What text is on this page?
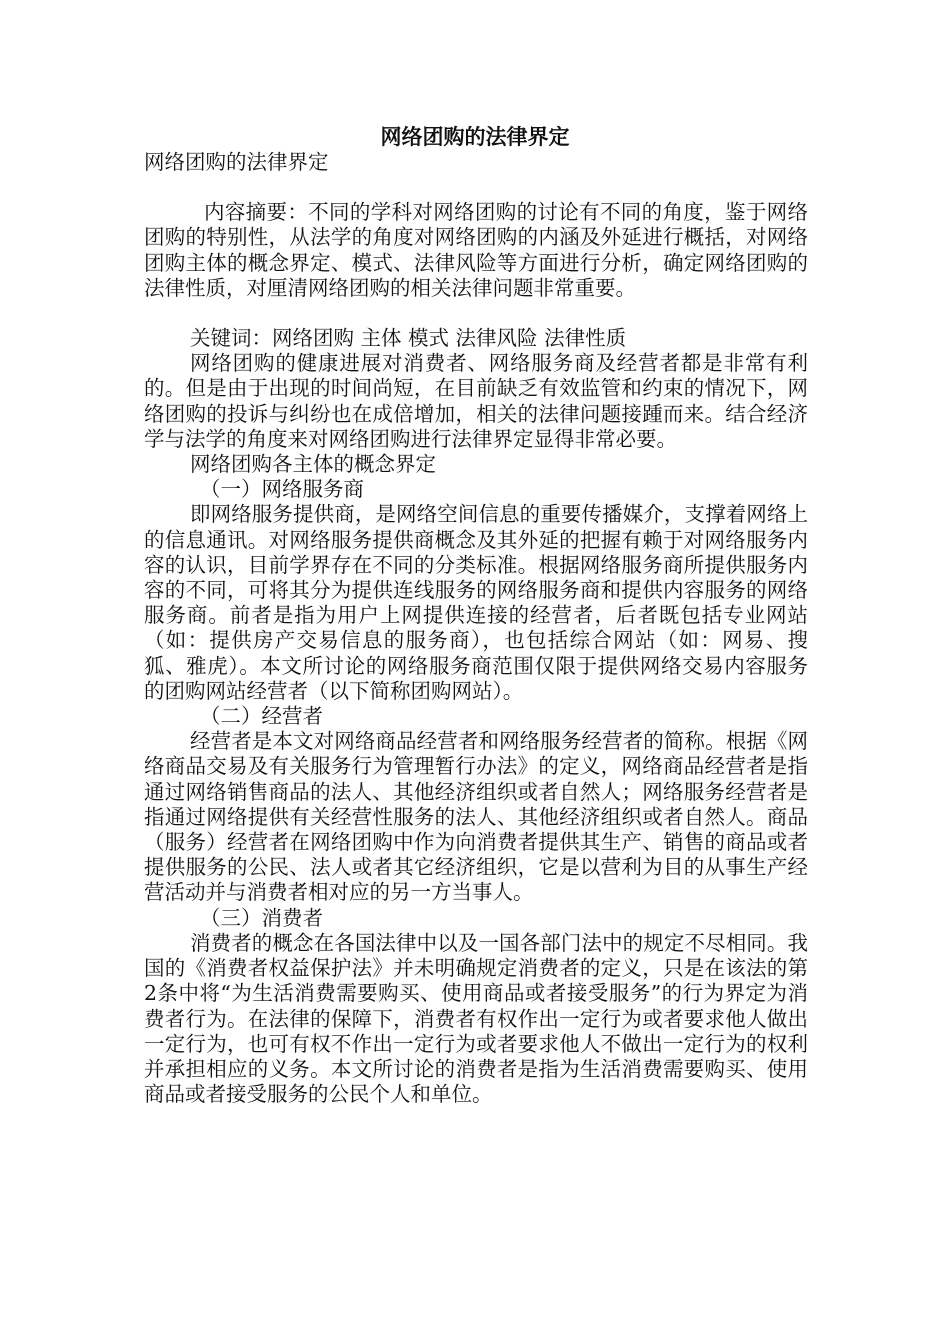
网络团购的法律界定

网络团购的法律界定

内容摘要：不同的学科对网络团购的讨论有不同的角度，鉴于网络团购的特别性，从法学的角度对网络团购的内涵及外延进行概括，对网络团购主体的概念界定、模式、法律风险等方面进行分析，确定网络团购的法律性质，对厘清网络团购的相关法律问题非常重要。

关键词：网络团购 主体 模式 法律风险 法律性质

网络团购的健康进展对消费者、网络服务商及经营者都是非常有利的。但是由于出现的时间尚短，在目前缺乏有效监管和约束的情况下，网络团购的投诉与纠纷也在成倍增加，相关的法律问题接踵而来。结合经济学与法学的角度来对网络团购进行法律界定显得非常必要。

网络团购各主体的概念界定

（一）网络服务商

即网络服务提供商，是网络空间信息的重要传播媒介，支撑着网络上的信息通讯。对网络服务提供商概念及其外延的把握有赖于对网络服务内容的认识，目前学界存在不同的分类标准。根据网络服务商所提供服务内容的不同，可将其分为提供连线服务的网络服务商和提供内容服务的网络服务商。前者是指为用户上网提供连接的经营者，后者既包括专业网站（如：提供房产交易信息的服务商），也包括综合网站（如：网易、搜狐、雅虎）。本文所讨论的网络服务商范围仅限于提供网络交易内容服务的团购网站经营者（以下简称团购网站）。

（二）经营者

经营者是本文对网络商品经营者和网络服务经营者的简称。根据《网络商品交易及有关服务行为管理暂行办法》的定义，网络商品经营者是指通过网络销售商品的法人、其他经济组织或者自然人；网络服务经营者是指通过网络提供有关经营性服务的法人、其他经济组织或者自然人。商品（服务）经营者在网络团购中作为向消费者提供其生产、销售的商品或者提供服务的公民、法人或者其它经济组织，它是以营利为目的从事生产经营活动并与消费者相对应的另一方当事人。

（三）消费者

消费者的概念在各国法律中以及一国各部门法中的规定不尽相同。我国的《消费者权益保护法》并未明确规定消费者的定义，只是在该法的第2条中将“为生活消费需要购买、使用商品或者接受服务”的行为界定为消费者行为。在法律的保障下，消费者有权作出一定行为或者要求他人做出一定行为，也可有权不作出一定行为或者要求他人不做出一定行为的权利并承担相应的义务。本文所讨论的消费者是指为生活消费需要购买、使用商品或者接受服务的公民个人和单位。
